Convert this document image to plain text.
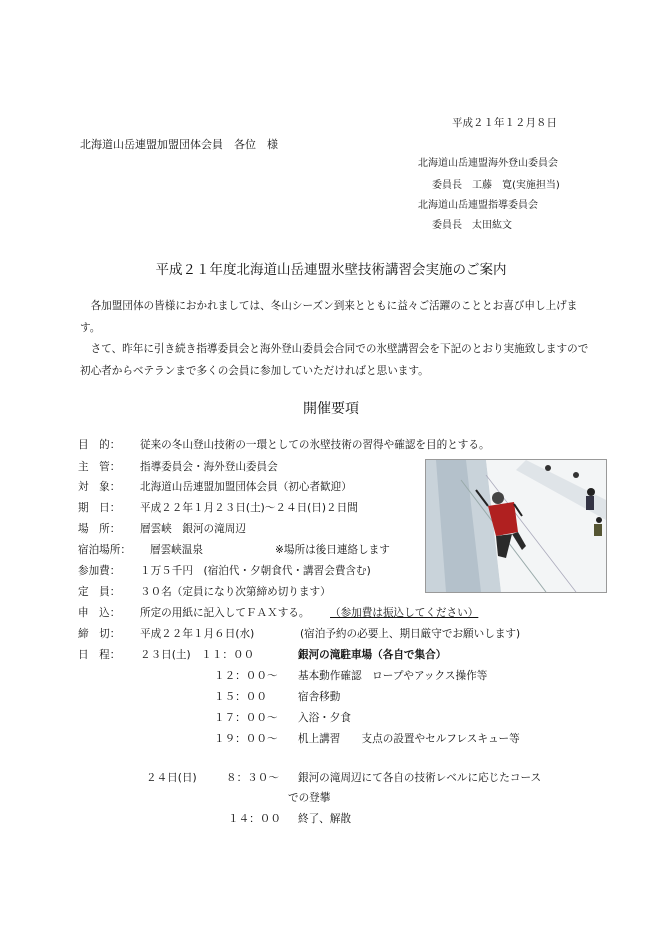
平成２１年１２月８日
北海道山岳連盟加盟団体会員　各位　様
北海道山岳連盟海外登山委員会
委員長　工藤　寛(実施担当)
北海道山岳連盟指導委員会
委員長　太田紘文
平成２１年度北海道山岳連盟氷壁技術講習会実施のご案内

各加盟団体の皆様におかれましては、冬山シーズン到来とともに益々ご活躍のこととお喜び申し上げます。

さて、昨年に引き続き指導委員会と海外登山委員会合同での氷壁講習会を下記のとおり実施致しますので初心者からベテランまで多くの会員に参加していただければと思います。

開催要項
目　的： 従来の冬山登山技術の一環としての氷壁技術の習得や確認を目的とする。
主　管： 指導委員会・海外登山委員会
対　象： 北海道山岳連盟加盟団体会員（初心者歓迎）
期　日： 平成２２年１月２３日(土)～２４日(日)２日間
場　所： 層雲峡　銀河の滝周辺
宿泊場所： 層雲峡温泉	※場所は後日連絡します
参加費： １万５千円　(宿泊代・夕朝食代・講習会費含む)
定　員： ３０名（定員になり次第締め切ります）
申　込： 所定の用紙に記入してＦＡＸする。 （参加費は振込してください）
締　切： 平成２２年１月６日(水)	(宿泊予約の必要上、期日厳守でお願いします)
日　程： ２３日(土)　１１：００	銀河の滝駐車場（各自で集合）
１２：００～ 基本動作確認　ロープやアックス操作等
１５：００	宿舎移動
１７：００～ 入浴・夕食
１９：００～ 机上講習　　支点の設置やセルフレスキュー等
２４日(日)	８：３０～ 銀河の滝周辺にて各自の技術レベルに応じたコース
での登攀
１４：００ 終了、解散
